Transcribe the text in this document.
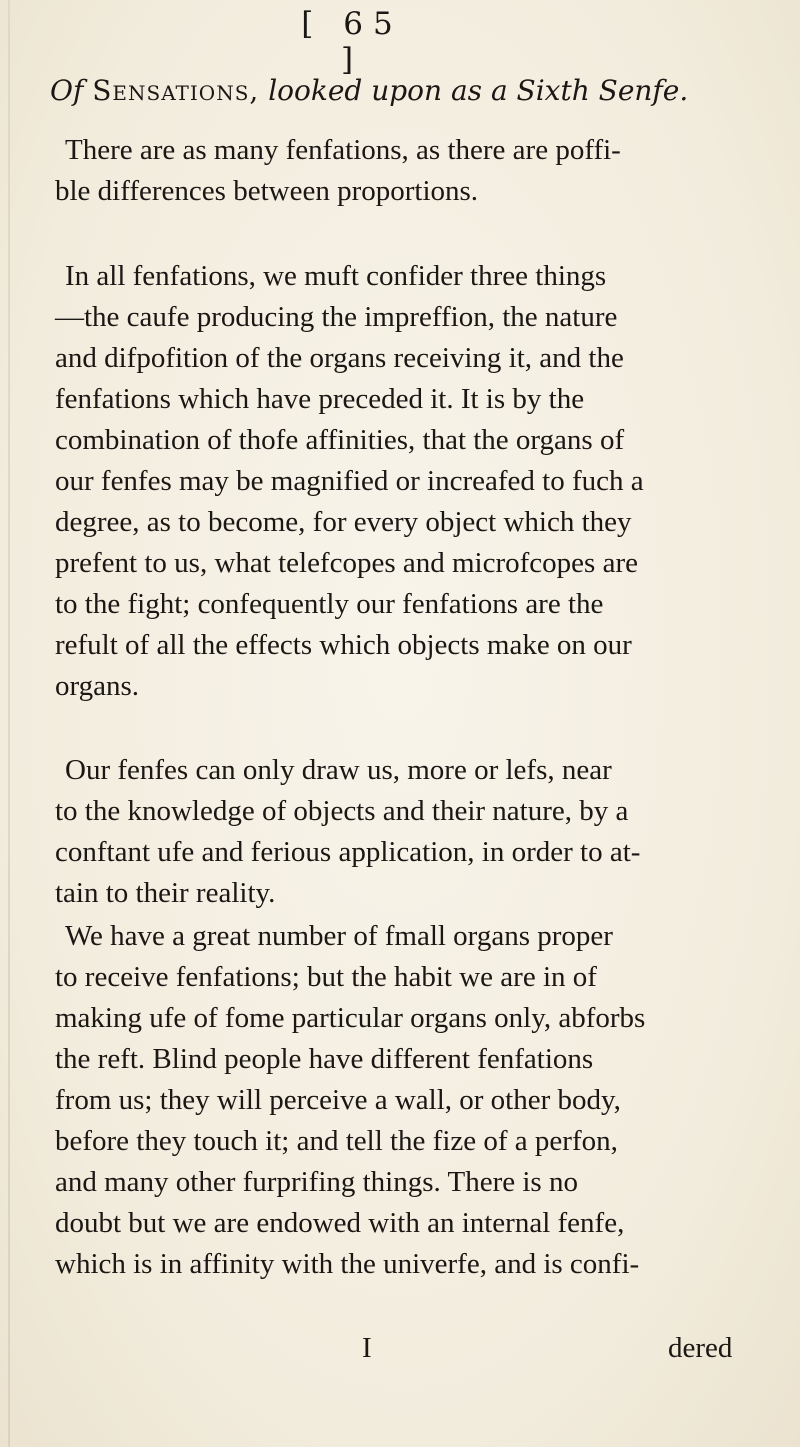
[ 65 ]
Of Sensations, looked upon as a Sixth Senfe.
There are as many fenfations, as there are poffi-
ble differences between proportions.
In all fenfations, we muft confider three things
—the caufe producing the impreffion, the nature
and difpofition of the organs receiving it, and the
fenfations which have preceded it. It is by the
combination of thofe affinities, that the organs of
our fenfes may be magnified or increafed to fuch a
degree, as to become, for every object which they
prefent to us, what telefcopes and microfcopes are
to the fight; confequently our fenfations are the
refult of all the effects which objects make on our
organs.
Our fenfes can only draw us, more or lefs, near
to the knowledge of objects and their nature, by a
conftant ufe and ferious application, in order to at-
tain to their reality.
We have a great number of fmall organs proper
to receive fenfations; but the habit we are in of
making ufe of fome particular organs only, abforbs
the reft. Blind people have different fenfations
from us; they will perceive a wall, or other body,
before they touch it; and tell the fize of a perfon,
and many other furprifing things. There is no
doubt but we are endowed with an internal fenfe,
which is in affinity with the univerfe, and is confi-
I	dered
